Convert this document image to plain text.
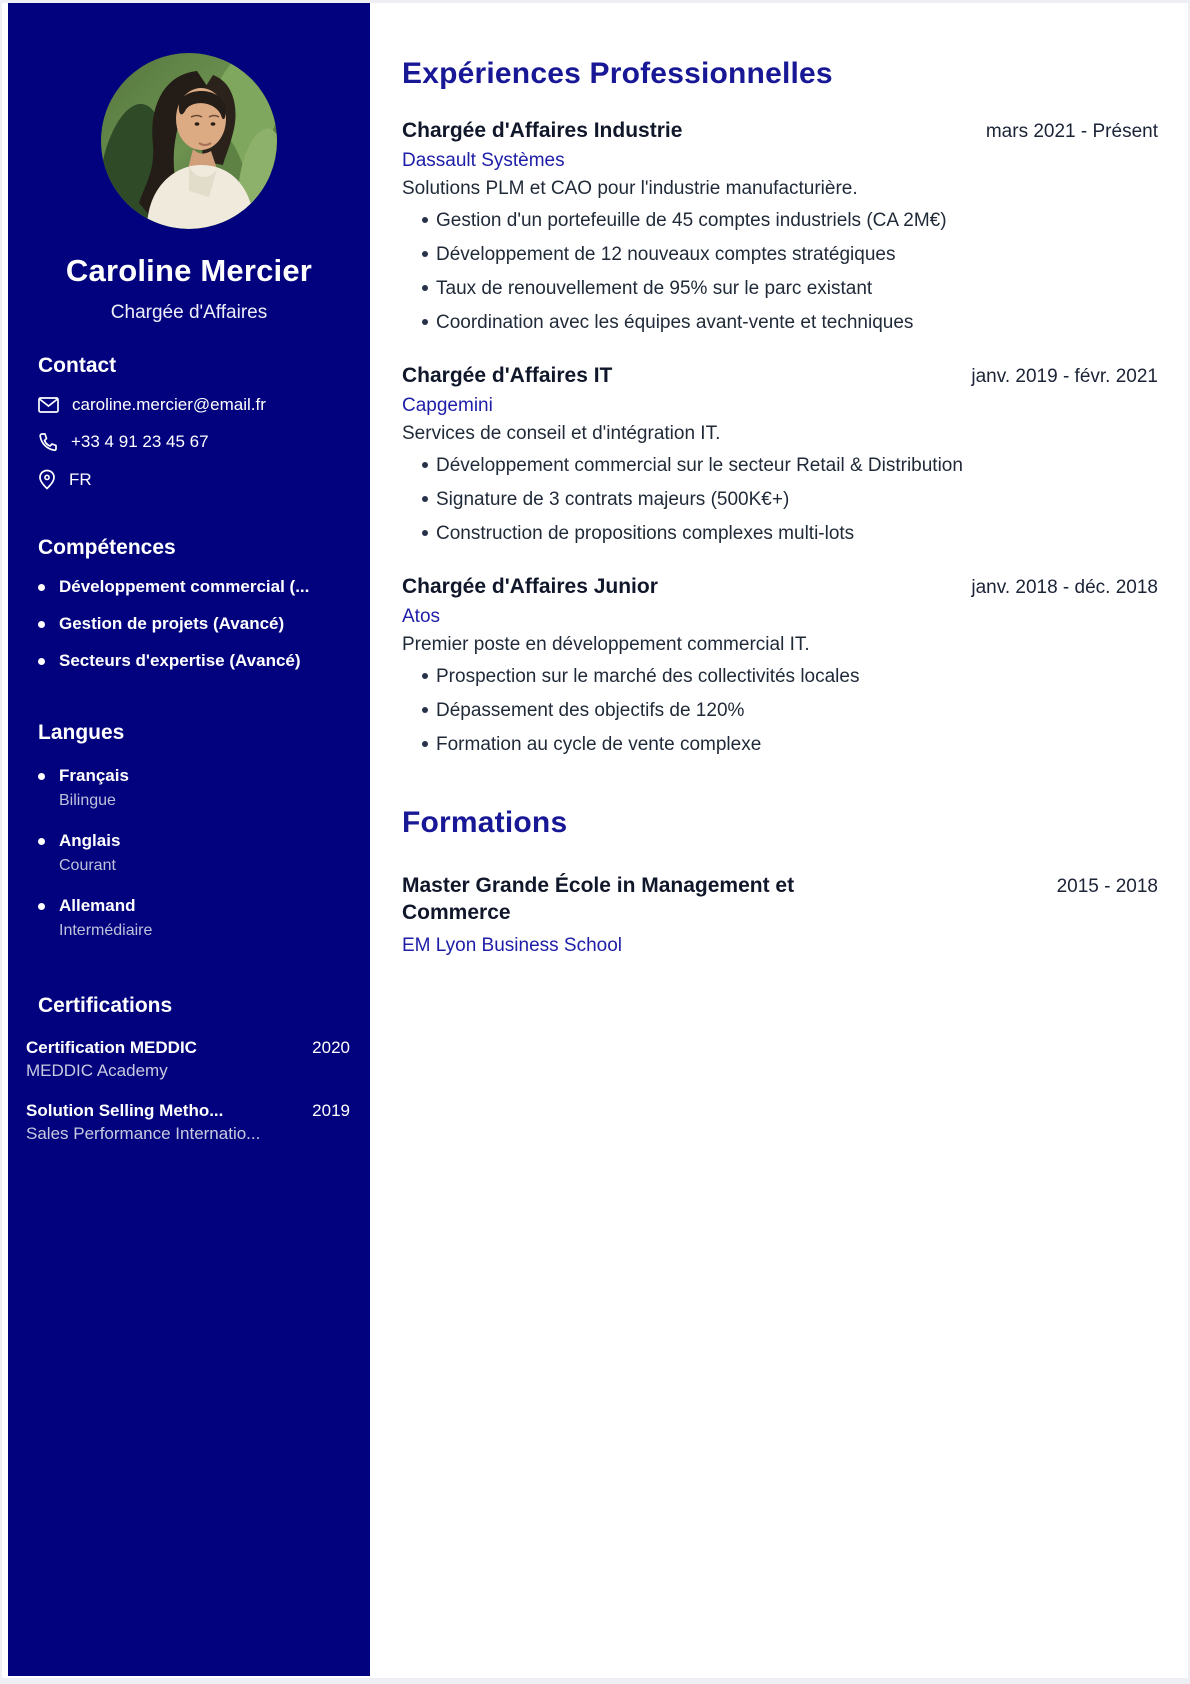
Caroline Mercier
Chargée d'Affaires
Contact
caroline.mercier@email.fr
+33 4 91 23 45 67
FR
Compétences
Développement commercial (...
Gestion de projets (Avancé)
Secteurs d'expertise (Avancé)
Langues
Français
Bilingue
Anglais
Courant
Allemand
Intermédiaire
Certifications
Certification MEDDIC	2020
MEDDIC Academy
Solution Selling Metho...	2019
Sales Performance Internatio...
Expériences Professionnelles
Chargée d'Affaires Industrie	mars 2021 - Présent
Dassault Systèmes
Solutions PLM et CAO pour l'industrie manufacturière.
Gestion d'un portefeuille de 45 comptes industriels (CA 2M€)
Développement de 12 nouveaux comptes stratégiques
Taux de renouvellement de 95% sur le parc existant
Coordination avec les équipes avant-vente et techniques
Chargée d'Affaires IT	janv. 2019 - févr. 2021
Capgemini
Services de conseil et d'intégration IT.
Développement commercial sur le secteur Retail & Distribution
Signature de 3 contrats majeurs (500K€+)
Construction de propositions complexes multi-lots
Chargée d'Affaires Junior	janv. 2018 - déc. 2018
Atos
Premier poste en développement commercial IT.
Prospection sur le marché des collectivités locales
Dépassement des objectifs de 120%
Formation au cycle de vente complexe
Formations
Master Grande École in Management et Commerce
2015 - 2018
EM Lyon Business School
